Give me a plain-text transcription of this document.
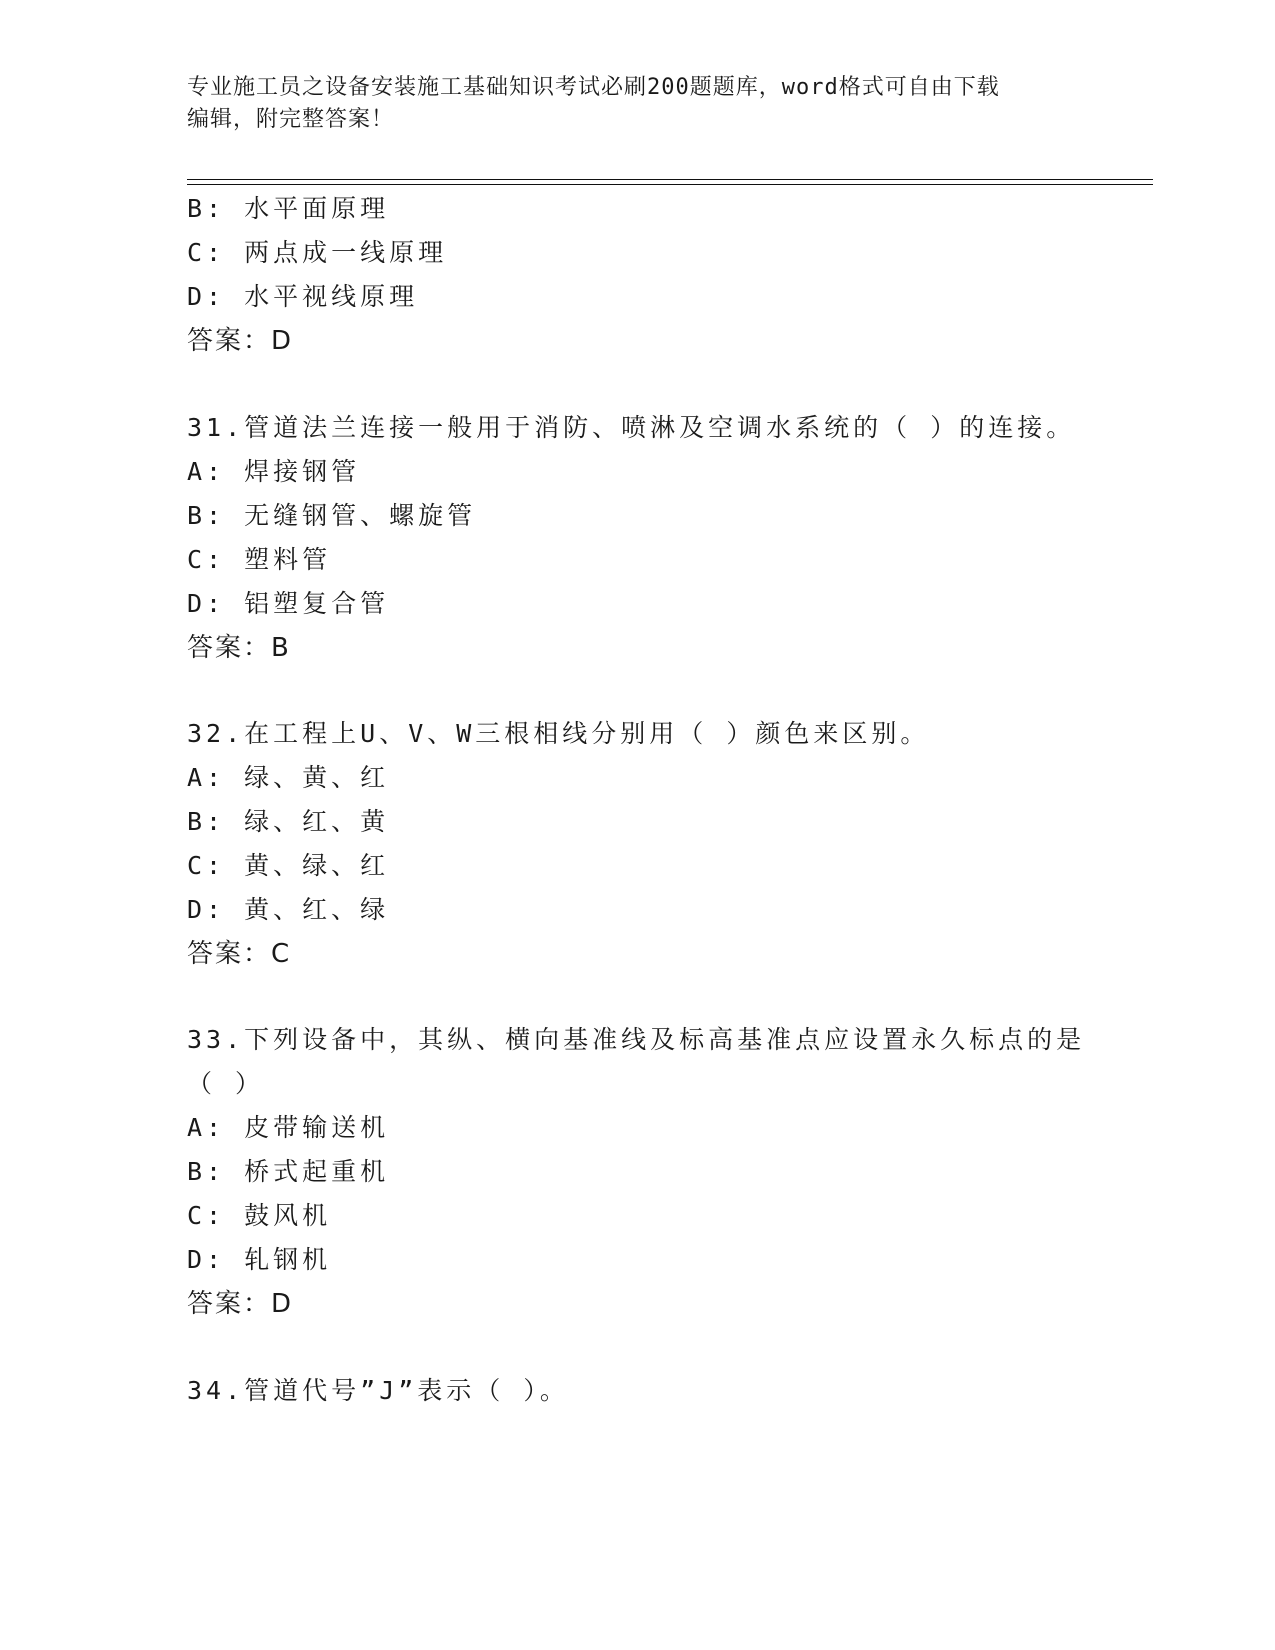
专业施工员之设备安装施工基础知识考试必刷200题题库，word格式可自由下载
编辑，附完整答案！
B: 水平面原理
C: 两点成一线原理
D: 水平视线原理
答案：D
31.管道法兰连接一般用于消防、喷淋及空调水系统的（ ）的连接。
A: 焊接钢管
B: 无缝钢管、螺旋管
C: 塑料管
D: 铝塑复合管
答案：B
32.在工程上U、V、W三根相线分别用（ ）颜色来区别。
A: 绿、黄、红
B: 绿、红、黄
C: 黄、绿、红
D: 黄、红、绿
答案：C
33.下列设备中，其纵、横向基准线及标高基准点应设置永久标点的是
（ ）
A: 皮带输送机
B: 桥式起重机
C: 鼓风机
D: 轧钢机
答案：D
34.管道代号”J”表示（ ）。
